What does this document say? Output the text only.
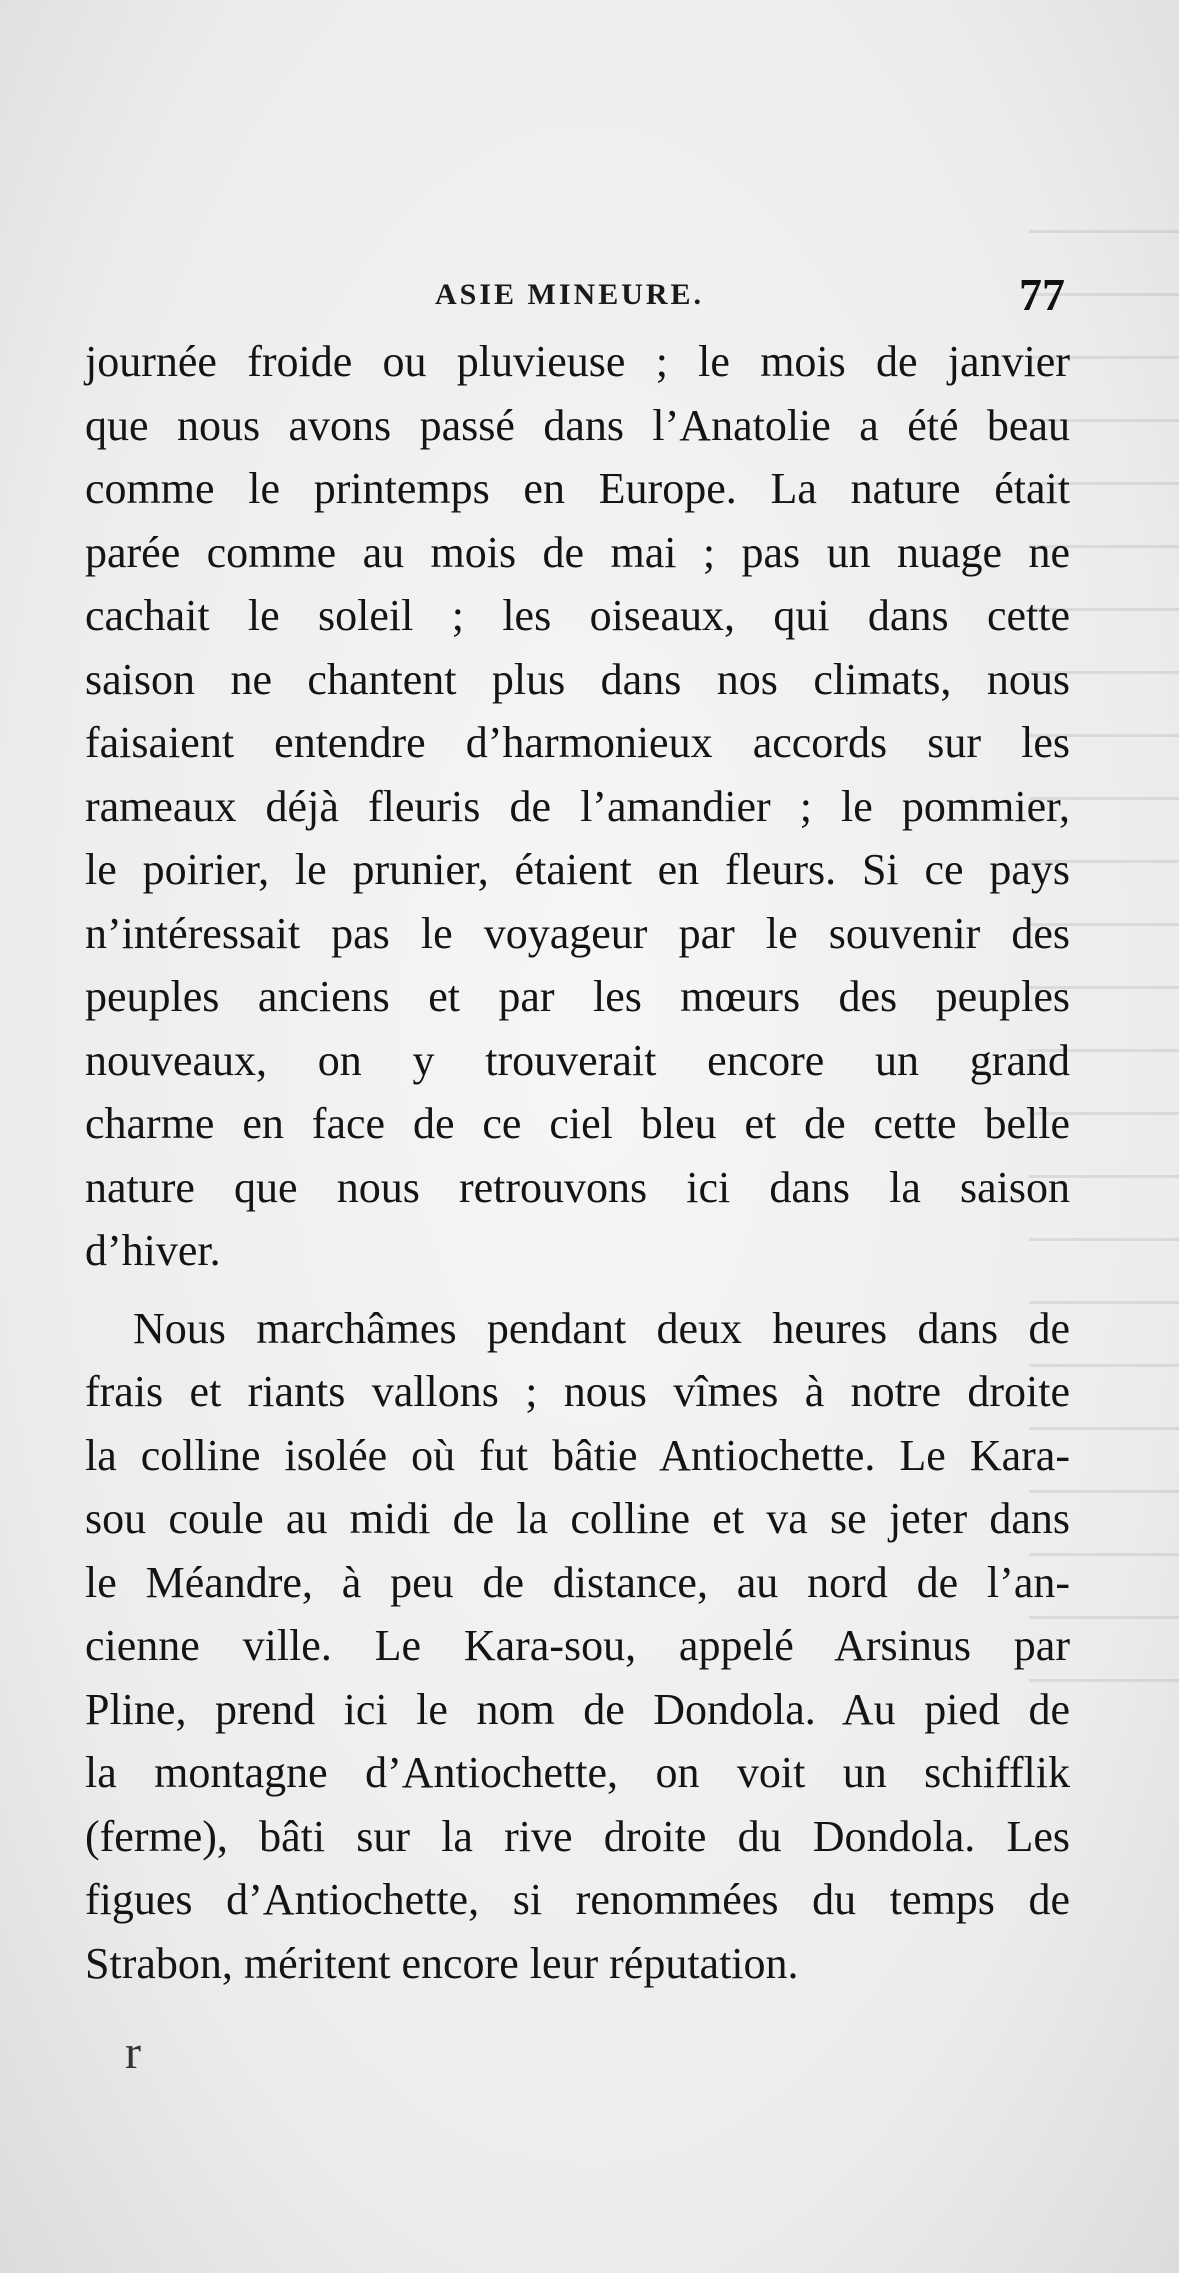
ASIE MINEURE.	77
journée froide ou pluvieuse ; le mois de janvier
que nous avons passé dans l’Anatolie a été beau
comme le printemps en Europe. La nature était
parée comme au mois de mai ; pas un nuage ne
cachait le soleil ; les oiseaux, qui dans cette
saison ne chantent plus dans nos climats, nous
faisaient entendre d’harmonieux accords sur les
rameaux déjà fleuris de l’amandier ; le pommier,
le poirier, le prunier, étaient en fleurs. Si ce pays
n’intéressait pas le voyageur par le souvenir des
peuples anciens et par les mœurs des peuples
nouveaux, on y trouverait encore un grand
charme en face de ce ciel bleu et de cette belle
nature que nous retrouvons ici dans la saison
d’hiver.
Nous marchâmes pendant deux heures dans de
frais et riants vallons ; nous vîmes à notre droite
la colline isolée où fut bâtie Antiochette. Le Kara-
sou coule au midi de la colline et va se jeter dans
le Méandre, à peu de distance, au nord de l’an-
cienne ville. Le Kara-sou, appelé Arsinus par
Pline, prend ici le nom de Dondola. Au pied de
la montagne d’Antiochette, on voit un schifflik
(ferme), bâti sur la rive droite du Dondola. Les
figues d’Antiochette, si renommées du temps de
Strabon, méritent encore leur réputation.
r
